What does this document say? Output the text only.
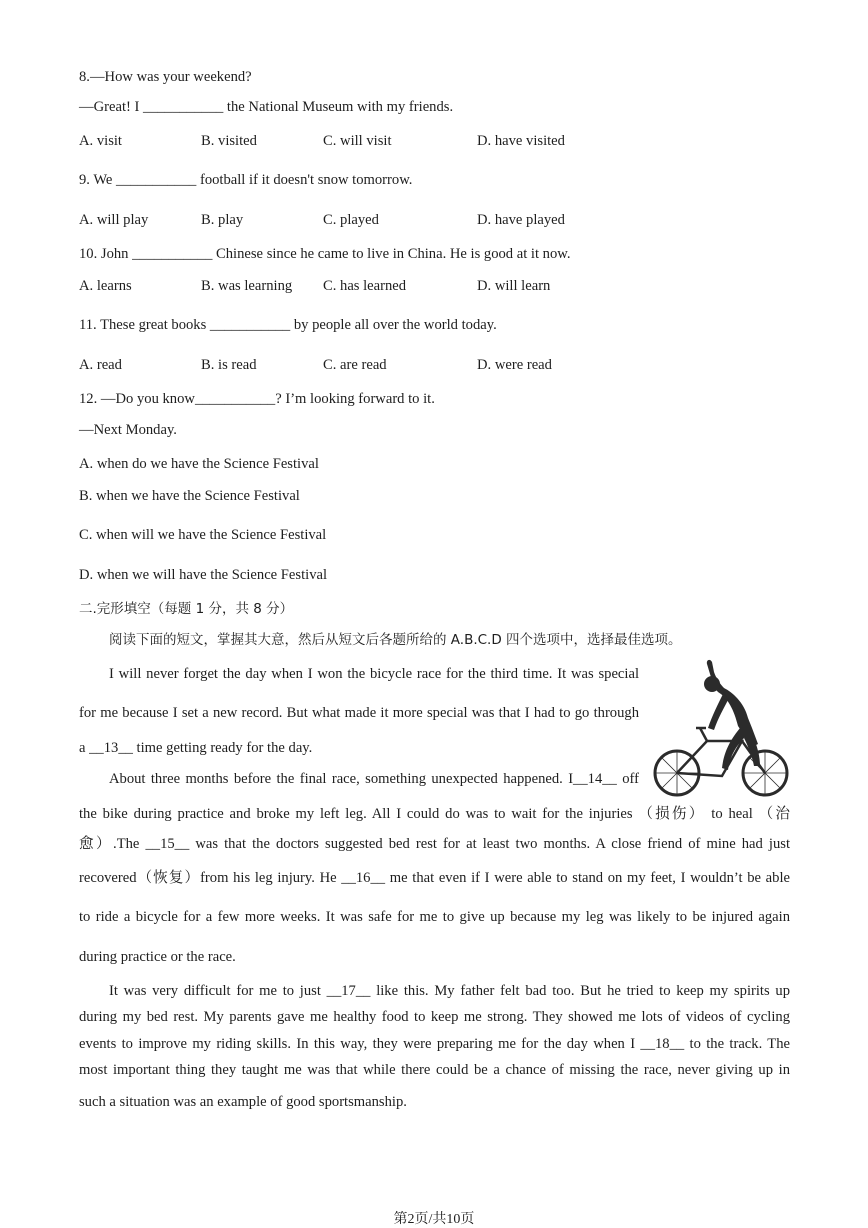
8.—How was your weekend?
—Great! I ___________ the National Museum with my friends.
A. visit	B. visited	C. will visit	D. have visited
9. We ___________ football if it doesn't snow tomorrow.
A. will play	B. play	C. played	D. have played
10. John ___________ Chinese since he came to live in China. He is good at it now.
A. learns	B. was learning C. has learned	D. will learn
11. These great books ___________ by people all over the world today.
A. read	B. is read	C. are read	D. were read
12. —Do you know___________? I’m looking forward to it.
—Next Monday.
A. when do we have the Science Festival
B. when we have the Science Festival
C. when will we have the Science Festival
D. when we will have the Science Festival
二.完形填空（每题 1 分，共 8 分）
阅读下面的短文，掌握其大意，然后从短文后各题所给的 A.B.C.D 四个选项中，选择最佳选项。
I will never forget the day when I won the bicycle race for the third time. It was special
for me because I set a new record. But what made it more special was that I had to go through
a __13__ time getting ready for the day.
About three months before the final race, something unexpected happened. I__14__ off
the bike during practice and broke my left leg. All I could do was to wait for the injuries （损伤） to heal （治
愈）.The __15__ was that the doctors suggested bed rest for at least two months. A close friend of mine had just
recovered（恢复）from his leg injury. He __16__ me that even if I were able to stand on my feet, I wouldn’t be able
to ride a bicycle for a few more weeks. It was safe for me to give up because my leg was likely to be injured again
during practice or the race.
It was very difficult for me to just __17__ like this. My father felt bad too. But he tried to keep my spirits up
during my bed rest. My parents gave me healthy food to keep me strong. They showed me lots of videos of cycling
events to improve my riding skills. In this way, they were preparing me for the day when I __18__ to the track. The
most important thing they taught me was that while there could be a chance of missing the race, never giving up in
such a situation was an example of good sportsmanship.
第2页/共10页
